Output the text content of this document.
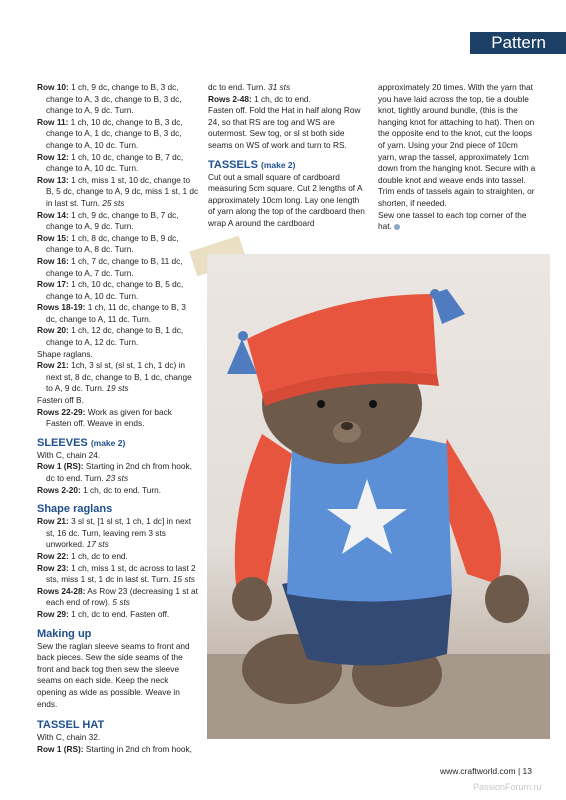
Pattern

Row 10: 1 ch, 9 dc, change to B, 3 dc, change to A, 3 dc, change to B, 3 dc, change to A, 9 dc. Turn.

Row 11: 1 ch, 10 dc, change to B, 3 dc, change to A, 1 dc, change to B, 3 dc, change to A, 10 dc. Turn.

Row 12: 1 ch, 10 dc, change to B, 7 dc, change to A, 10 dc. Turn.

Row 13: 1 ch, miss 1 st, 10 dc, change to B, 5 dc, change to A, 9 dc, miss 1 st, 1 dc in last st. Turn. 25 sts

Row 14: 1 ch, 9 dc, change to B, 7 dc, change to A, 9 dc. Turn.

Row 15: 1 ch, 8 dc, change to B, 9 dc, change to A, 8 dc. Turn.

Row 16: 1 ch, 7 dc, change to B, 11 dc, change to A, 7 dc. Turn.

Row 17: 1 ch, 10 dc, change to B, 5 dc, change to A, 10 dc. Turn.

Rows 18-19: 1 ch, 11 dc, change to B, 3 dc, change to A, 11 dc. Turn.

Row 20: 1 ch, 12 dc, change to B, 1 dc, change to A, 12 dc. Turn.

Shape raglans.

Row 21: 1ch, 3 sl st, (sl st, 1 ch, 1 dc) in next st, 8 dc, change to B, 1 dc, change to A, 9 dc. Turn. 19 sts

Fasten off B.

Rows 22-29: Work as given for back Fasten off. Weave in ends.

SLEEVES (make 2)

With C, chain 24.

Row 1 (RS): Starting in 2nd ch from hook, dc to end. Turn. 23 sts

Rows 2-20: 1 ch, dc to end. Turn.

Shape raglans

Row 21: 3 sl st, [1 sl st, 1 ch, 1 dc] in next st, 16 dc. Turn, leaving rem 3 sts unworked. 17 sts

Row 22: 1 ch, dc to end.

Row 23: 1 ch, miss 1 st, dc across to last 2 sts, miss 1 st, 1 dc in last st. Turn. 15 sts

Rows 24-28: As Row 23 (decreasing 1 st at each end of row). 5 sts

Row 29: 1 ch, dc to end. Fasten off.

Making up

Sew the raglan sleeve seams to front and back pieces. Sew the side seams of the front and back tog then sew the sleeve seams on each side. Keep the neck opening as wide as possible. Weave in ends.

TASSEL HAT

With C, chain 32.

Row 1 (RS): Starting in 2nd ch from hook,

dc to end. Turn. 31 sts

Rows 2-48: 1 ch, dc to end.

Fasten off. Fold the Hat in half along Row 24, so that RS are tog and WS are outermost. Sew tog, or sl st both side seams on WS of work and turn to RS.

TASSELS (make 2)

Cut out a small square of cardboard measuring 5cm square. Cut 2 lengths of A approximately 10cm long. Lay one length of yarn along the top of the cardboard then wrap A around the cardboard

approximately 20 times. With the yarn that you have laid across the top, tie a double knot, tightly around bundle, (this is the hanging knot for attaching to hat). Then on the opposite end to the knot, cut the loops of yarn. Using your 2nd piece of 10cm yarn, wrap the tassel, approximately 1cm down from the hanging knot. Secure with a double knot and weave ends into tassel. Trim ends of tassels again to straighten, or shorten, if needed.

Sew one tassel to each top corner of the hat.

www.craftworld.com | 13
PassionForum.ru
